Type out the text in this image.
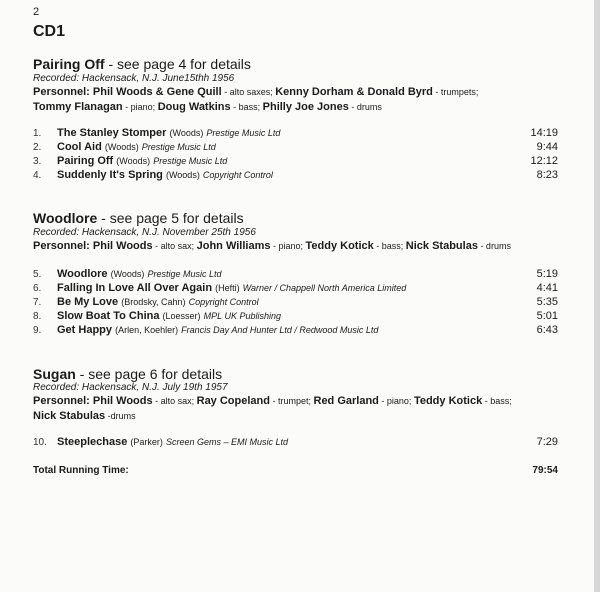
2
CD1
Pairing Off - see page 4 for details
Recorded: Hackensack, N.J. June15thh 1956
Personnel: Phil Woods & Gene Quill - alto saxes; Kenny Dorham & Donald Byrd - trumpets;
Tommy Flanagan - piano; Doug Watkins - bass; Philly Joe Jones - drums
1. The Stanley Stomper (Woods) Prestige Music Ltd	14:19
2. Cool Aid (Woods) Prestige Music Ltd	9:44
3. Pairing Off (Woods) Prestige Music Ltd	12:12
4. Suddenly It's Spring (Woods) Copyright Control	8:23
Woodlore - see page 5 for details
Recorded: Hackensack, N.J. November 25th 1956
Personnel: Phil Woods - alto sax; John Williams - piano; Teddy Kotick - bass; Nick Stabulas - drums
5. Woodlore (Woods) Prestige Music Ltd	5:19
6. Falling In Love All Over Again (Hefti) Warner / Chappell North America Limited	4:41
7. Be My Love (Brodsky, Cahn) Copyright Control	5:35
8. Slow Boat To China (Loesser) MPL UK Publishing	5:01
9. Get Happy (Arlen, Koehler) Francis Day And Hunter Ltd / Redwood Music Ltd	6:43
Sugan - see page 6 for details
Recorded: Hackensack, N.J. July 19th 1957
Personnel: Phil Woods - alto sax; Ray Copeland - trumpet; Red Garland - piano; Teddy Kotick - bass;
Nick Stabulas -drums
10. Steeplechase (Parker) Screen Gems – EMI Music Ltd	7:29
Total Running Time:	79:54
